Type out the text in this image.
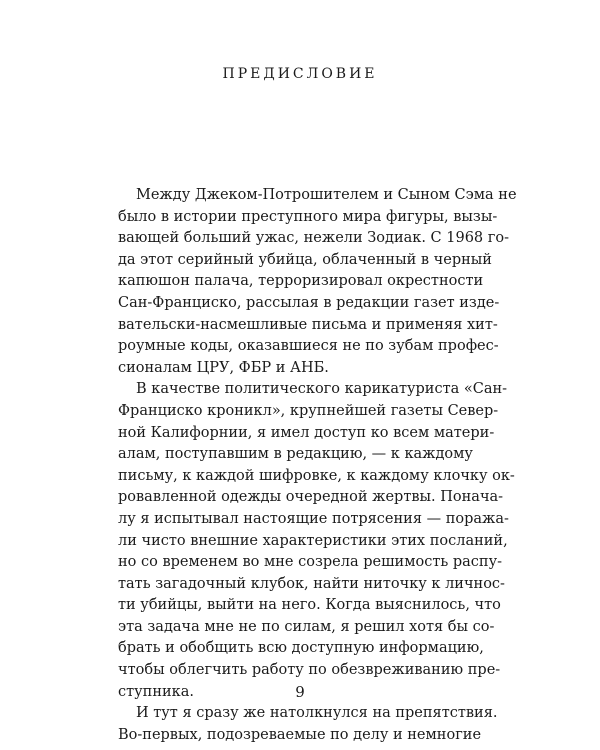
ПРЕДИСЛОВИЕ
Между Джеком-Потрошителем и Сыном Сэма не
было в истории преступного мира фигуры, вызы-
вающей больший ужас, нежели Зодиак. С 1968 го-
да этот серийный убийца, облаченный в черный
капюшон палача, терроризировал окрестности
Сан-Франциско, рассылая в редакции газет изде-
вательски-насмешливые письма и применяя хит-
роумные коды, оказавшиеся не по зубам профес-
сионалам ЦРУ, ФБР и АНБ.
В качестве политического карикатуриста «Сан-
Франциско кроникл», крупнейшей газеты Север-
ной Калифорнии, я имел доступ ко всем матери-
алам, поступавшим в редакцию, — к каждому
письму, к каждой шифровке, к каждому клочку ок-
ровавленной одежды очередной жертвы. Понача-
лу я испытывал настоящие потрясения — поража-
ли чисто внешние характеристики этих посланий,
но со временем во мне созрела решимость распу-
тать загадочный клубок, найти ниточку к личнос-
ти убийцы, выйти на него. Когда выяснилось, что
эта задача мне не по силам, я решил хотя бы со-
брать и обобщить всю доступную информацию,
чтобы облегчить работу по обезвреживанию пре-
ступника.
И тут я сразу же натолкнулся на препятствия.
Во-первых, подозреваемые по делу и немногие
9
